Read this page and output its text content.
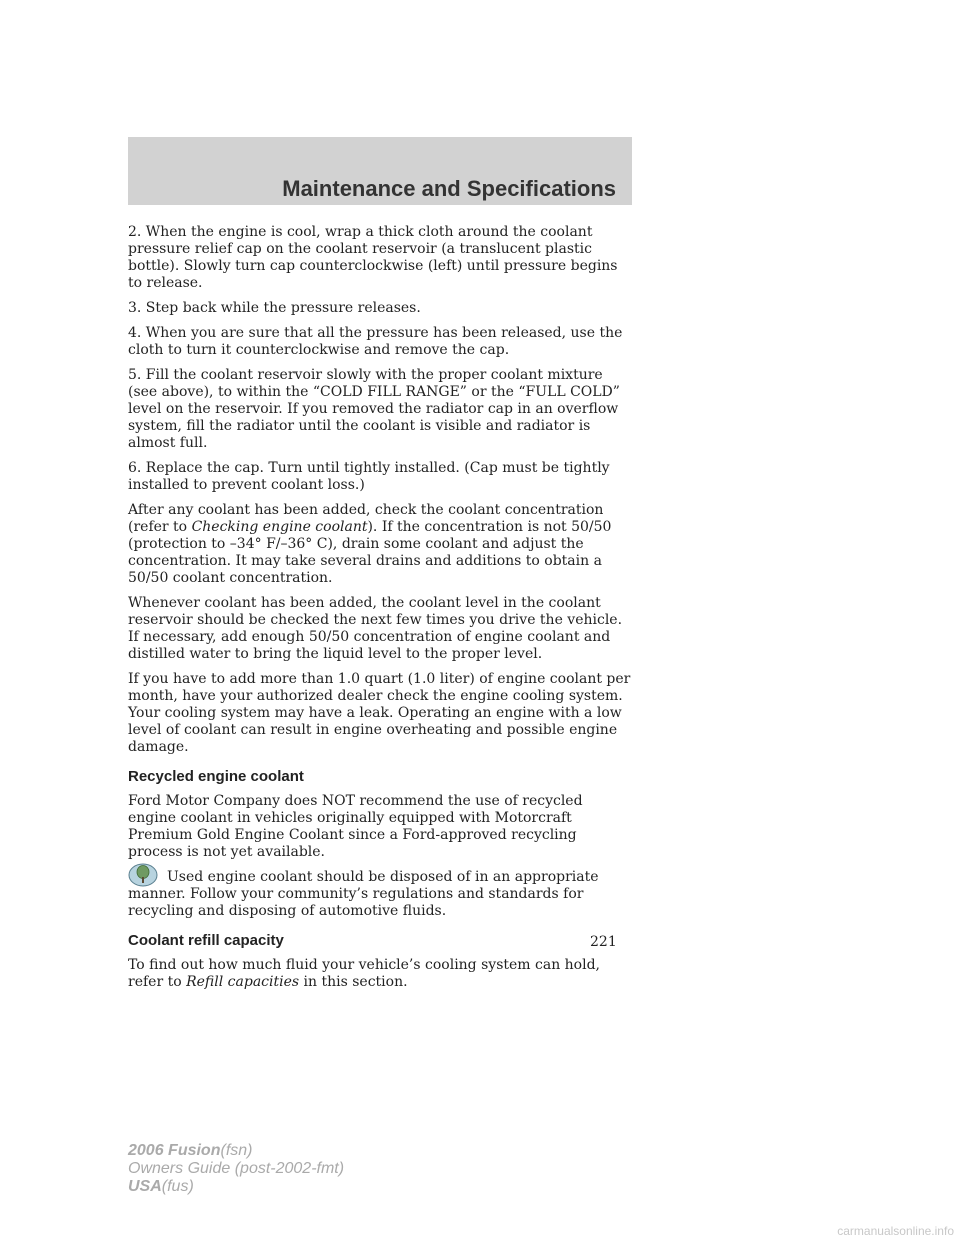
Maintenance and Specifications

2. When the engine is cool, wrap a thick cloth around the coolant pressure relief cap on the coolant reservoir (a translucent plastic bottle). Slowly turn cap counterclockwise (left) until pressure begins to release.

3. Step back while the pressure releases.

4. When you are sure that all the pressure has been released, use the cloth to turn it counterclockwise and remove the cap.

5. Fill the coolant reservoir slowly with the proper coolant mixture (see above), to within the “COLD FILL RANGE” or the “FULL COLD” level on the reservoir. If you removed the radiator cap in an overflow system, fill the radiator until the coolant is visible and radiator is almost full.

6. Replace the cap. Turn until tightly installed. (Cap must be tightly installed to prevent coolant loss.)

After any coolant has been added, check the coolant concentration (refer to Checking engine coolant). If the concentration is not 50/50 (protection to –34° F/–36° C), drain some coolant and adjust the concentration. It may take several drains and additions to obtain a 50/50 coolant concentration.

Whenever coolant has been added, the coolant level in the coolant reservoir should be checked the next few times you drive the vehicle. If necessary, add enough 50/50 concentration of engine coolant and distilled water to bring the liquid level to the proper level.

If you have to add more than 1.0 quart (1.0 liter) of engine coolant per month, have your authorized dealer check the engine cooling system. Your cooling system may have a leak. Operating an engine with a low level of coolant can result in engine overheating and possible engine damage.

Recycled engine coolant

Ford Motor Company does NOT recommend the use of recycled engine coolant in vehicles originally equipped with Motorcraft Premium Gold Engine Coolant since a Ford-approved recycling process is not yet available.

Used engine coolant should be disposed of in an appropriate manner. Follow your community’s regulations and standards for recycling and disposing of automotive fluids.

Coolant refill capacity

To find out how much fluid your vehicle’s cooling system can hold, refer to Refill capacities in this section.

221
2006 Fusion(fsn)
Owners Guide (post-2002-fmt)
USA(fus)
carmanualsonline.info
